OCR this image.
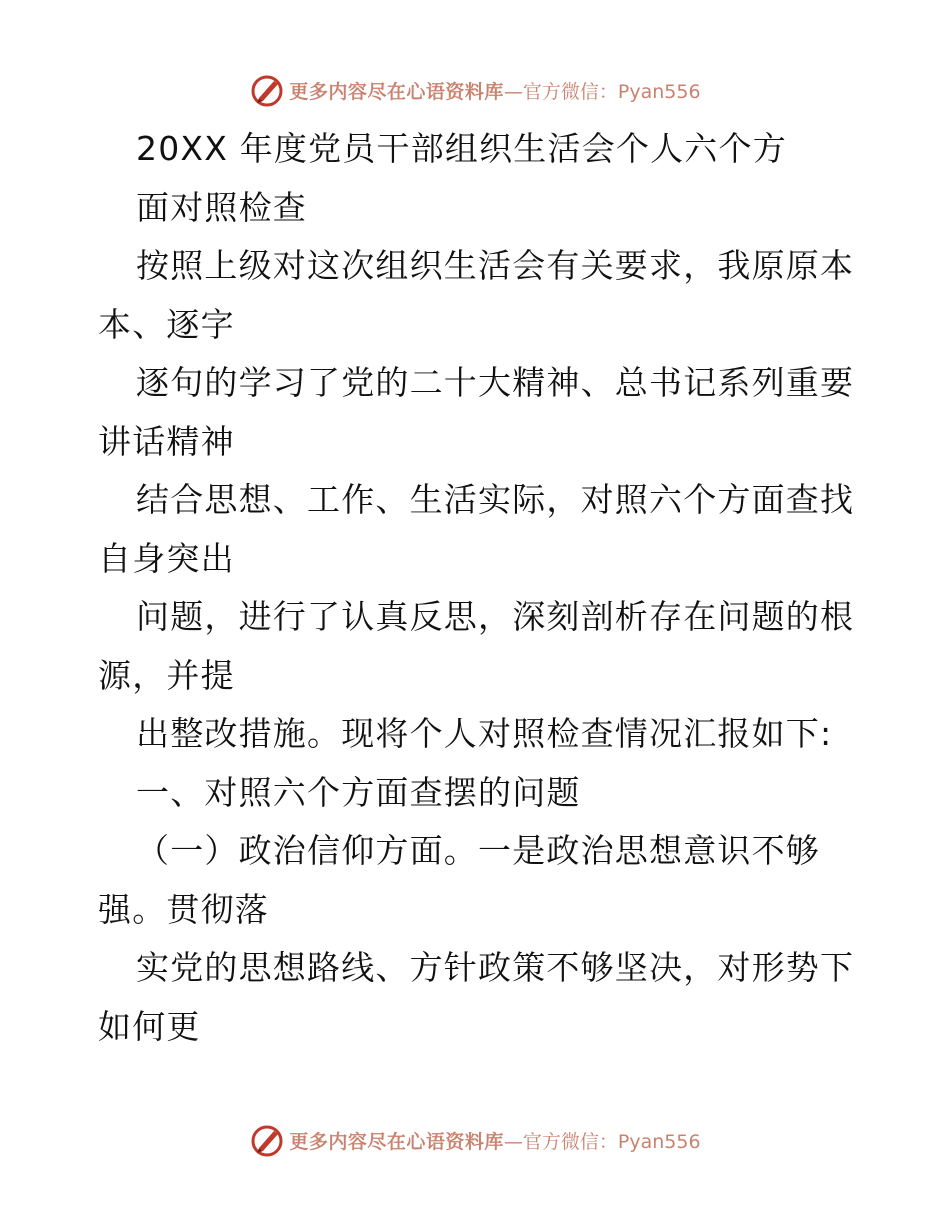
更多内容尽在心语资料库 —官方微信：Pyan556
20XX 年度党员干部组织生活会个人六个方
面对照检查
按照上级对这次组织生活会有关要求，我原原本
本、逐字
逐句的学习了党的二十大精神、总书记系列重要
讲话精神
结合思想、工作、生活实际，对照六个方面查找
自身突出
问题，进行了认真反思，深刻剖析存在问题的根
源，并提
出整改措施。现将个人对照检查情况汇报如下:
一、对照六个方面查摆的问题
（一）政治信仰方面。一是政治思想意识不够
强。贯彻落
实党的思想路线、方针政策不够坚决，对形势下
如何更
更多内容尽在心语资料库 —官方微信：Pyan556
